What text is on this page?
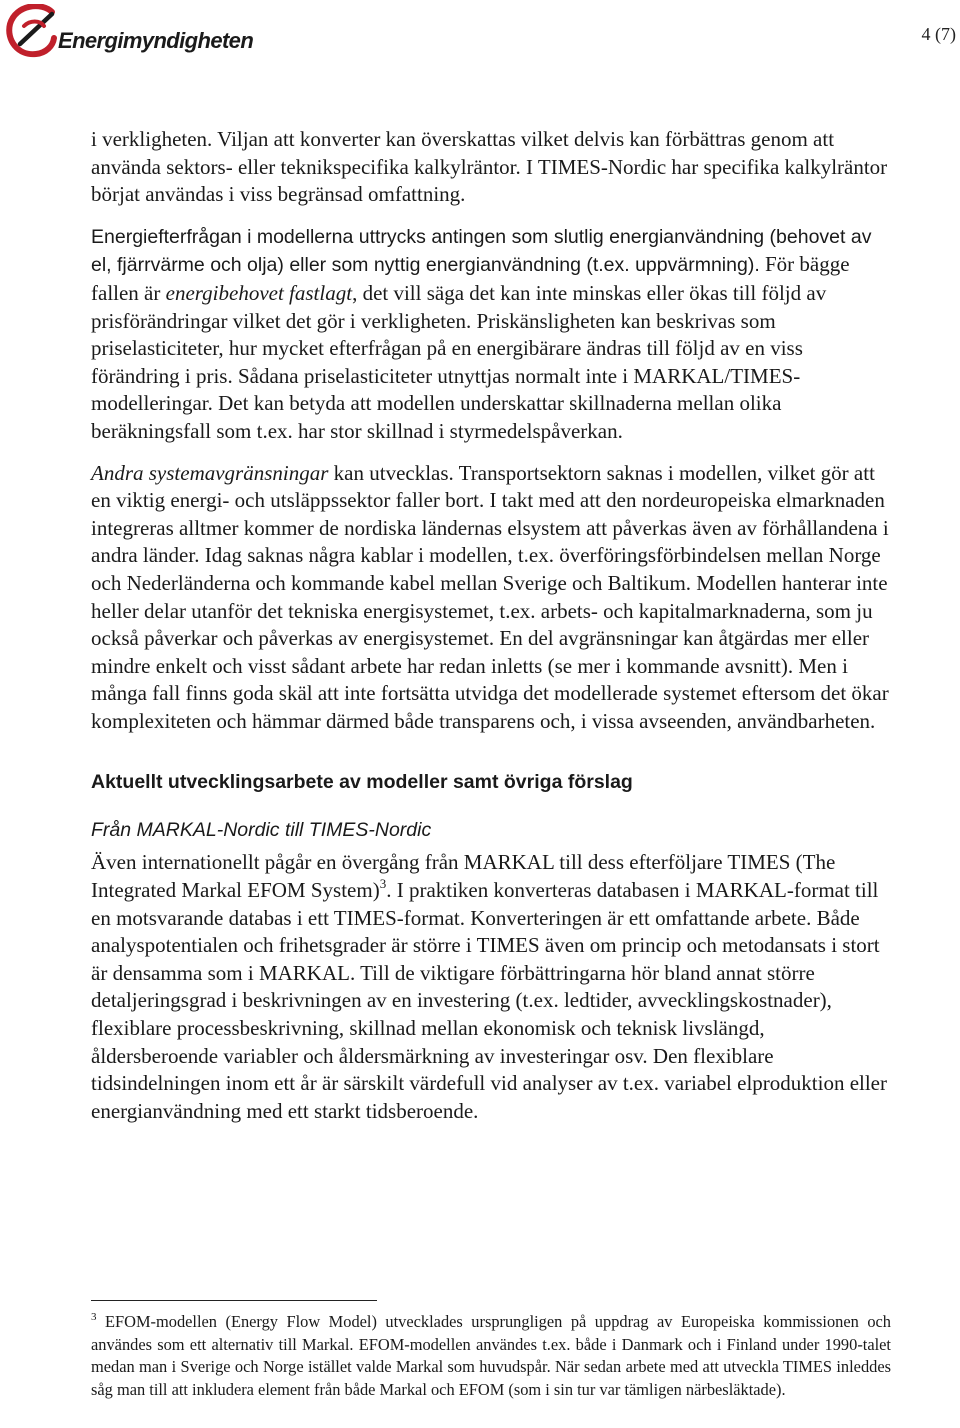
Energimyndigheten	4 (7)

i verkligheten. Viljan att konverter kan överskattas vilket delvis kan förbättras genom att använda sektors- eller teknikspecifika kalkylräntor. I TIMES-Nordic har specifika kalkylräntor börjat användas i viss begränsad omfattning.

Energiefterfrågan i modellerna uttrycks antingen som slutlig energianvändning (behovet av el, fjärrvärme och olja) eller som nyttig energianvändning (t.ex. uppvärmning). För bägge fallen är energibehovet fastlagt, det vill säga det kan inte minskas eller ökas till följd av prisförändringar vilket det gör i verkligheten. Priskänsligheten kan beskrivas som priselasticiteter, hur mycket efterfrågan på en energibärare ändras till följd av en viss förändring i pris. Sådana priselasticiteter utnyttjas normalt inte i MARKAL/TIMES-modelleringar. Det kan betyda att modellen underskattar skillnaderna mellan olika beräkningsfall som t.ex. har stor skillnad i styrmedelspåverkan.

Andra systemavgränsningar kan utvecklas. Transportsektorn saknas i modellen, vilket gör att en viktig energi- och utsläppssektor faller bort. I takt med att den nordeuropeiska elmarknaden integreras alltmer kommer de nordiska ländernas elsystem att påverkas även av förhållandena i andra länder. Idag saknas några kablar i modellen, t.ex. överföringsförbindelsen mellan Norge och Nederländerna och kommande kabel mellan Sverige och Baltikum. Modellen hanterar inte heller delar utanför det tekniska energisystemet, t.ex. arbets- och kapitalmarknaderna, som ju också påverkar och påverkas av energisystemet. En del avgränsningar kan åtgärdas mer eller mindre enkelt och visst sådant arbete har redan inletts (se mer i kommande avsnitt). Men i många fall finns goda skäl att inte fortsätta utvidga det modellerade systemet eftersom det ökar komplexiteten och hämmar därmed både transparens och, i vissa avseenden, användbarheten.

Aktuellt utvecklingsarbete av modeller samt övriga förslag
Från MARKAL-Nordic till TIMES-Nordic

Även internationellt pågår en övergång från MARKAL till dess efterföljare TIMES (The Integrated Markal EFOM System)$^3$. I praktiken konverteras databasen i MARKAL-format till en motsvarande databas i ett TIMES-format. Konverteringen är ett omfattande arbete. Både analyspotentialen och frihetsgrader är större i TIMES även om princip och metodansats i stort är densamma som i MARKAL. Till de viktigare förbättringarna hör bland annat större detaljeringsgrad i beskrivningen av en investering (t.ex. ledtider, avvecklingskostnader), flexiblare processbeskrivning, skillnad mellan ekonomisk och teknisk livslängd, åldersberoende variabler och åldersmärkning av investeringar osv. Den flexiblare tidsindelningen inom ett år är särskilt värdefull vid analyser av t.ex. variabel elproduktion eller energianvändning med ett starkt tidsberoende.

$^3$ EFOM-modellen (Energy Flow Model) utvecklades ursprungligen på uppdrag av Europeiska kommissionen och användes som ett alternativ till Markal. EFOM-modellen användes t.ex. både i Danmark och i Finland under 1990-talet medan man i Sverige och Norge istället valde Markal som huvudspår. När sedan arbete med att utveckla TIMES inleddes såg man till att inkludera element från både Markal och EFOM (som i sin tur var tämligen närbesläktade).
